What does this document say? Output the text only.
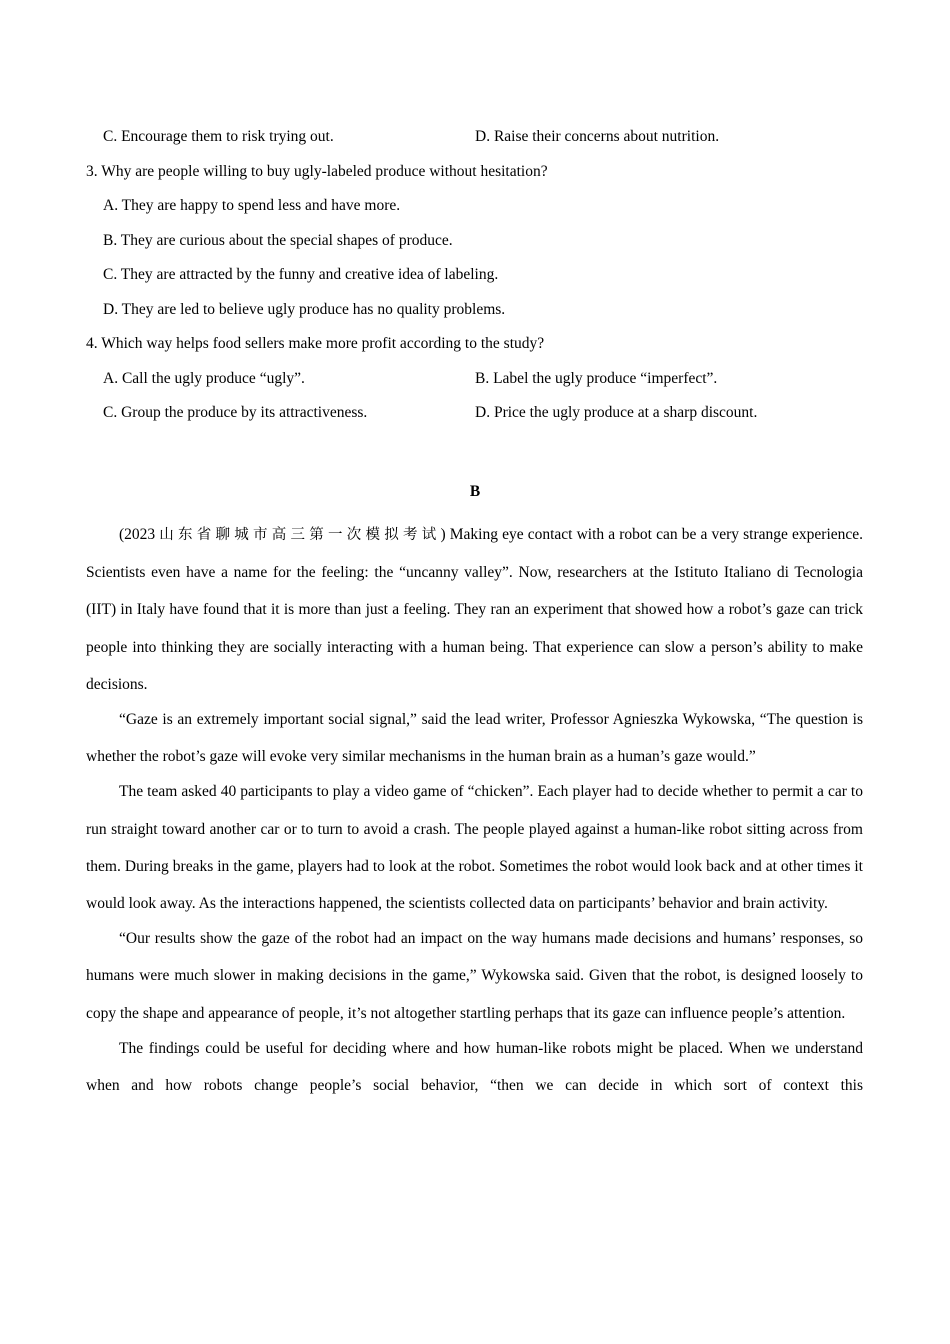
C. Encourage them to risk trying out.	D. Raise their concerns about nutrition.
3. Why are people willing to buy ugly-labeled produce without hesitation?
A. They are happy to spend less and have more.
B. They are curious about the special shapes of produce.
C. They are attracted by the funny and creative idea of labeling.
D. They are led to believe ugly produce has no quality problems.
4. Which way helps food sellers make more profit according to the study?
A. Call the ugly produce “ugly”.	B. Label the ugly produce “imperfect”.
C. Group the produce by its attractiveness.	D. Price the ugly produce at a sharp discount.
B

(2023 山东省聊城市高三第一次模拟考试) Making eye contact with a robot can be a very strange experience. Scientists even have a name for the feeling: the “uncanny valley”. Now, researchers at the Istituto Italiano di Tecnologia (IIT) in Italy have found that it is more than just a feeling. They ran an experiment that showed how a robot’s gaze can trick people into thinking they are socially interacting with a human being. That experience can slow a person’s ability to make decisions.

“Gaze is an extremely important social signal,” said the lead writer, Professor Agnieszka Wykowska, “The question is whether the robot’s gaze will evoke very similar mechanisms in the human brain as a human’s gaze would.”

The team asked 40 participants to play a video game of “chicken”. Each player had to decide whether to permit a car to run straight toward another car or to turn to avoid a crash. The people played against a human-like robot sitting across from them. During breaks in the game, players had to look at the robot. Sometimes the robot would look back and at other times it would look away. As the interactions happened, the scientists collected data on participants’ behavior and brain activity.

“Our results show the gaze of the robot had an impact on the way humans made decisions and humans’ responses, so humans were much slower in making decisions in the game,” Wykowska said. Given that the robot, is designed loosely to copy the shape and appearance of people, it’s not altogether startling perhaps that its gaze can influence people’s attention.

The findings could be useful for deciding where and how human-like robots might be placed. When we understand when and how robots change people’s social behavior, “then we can decide in which sort of context this
